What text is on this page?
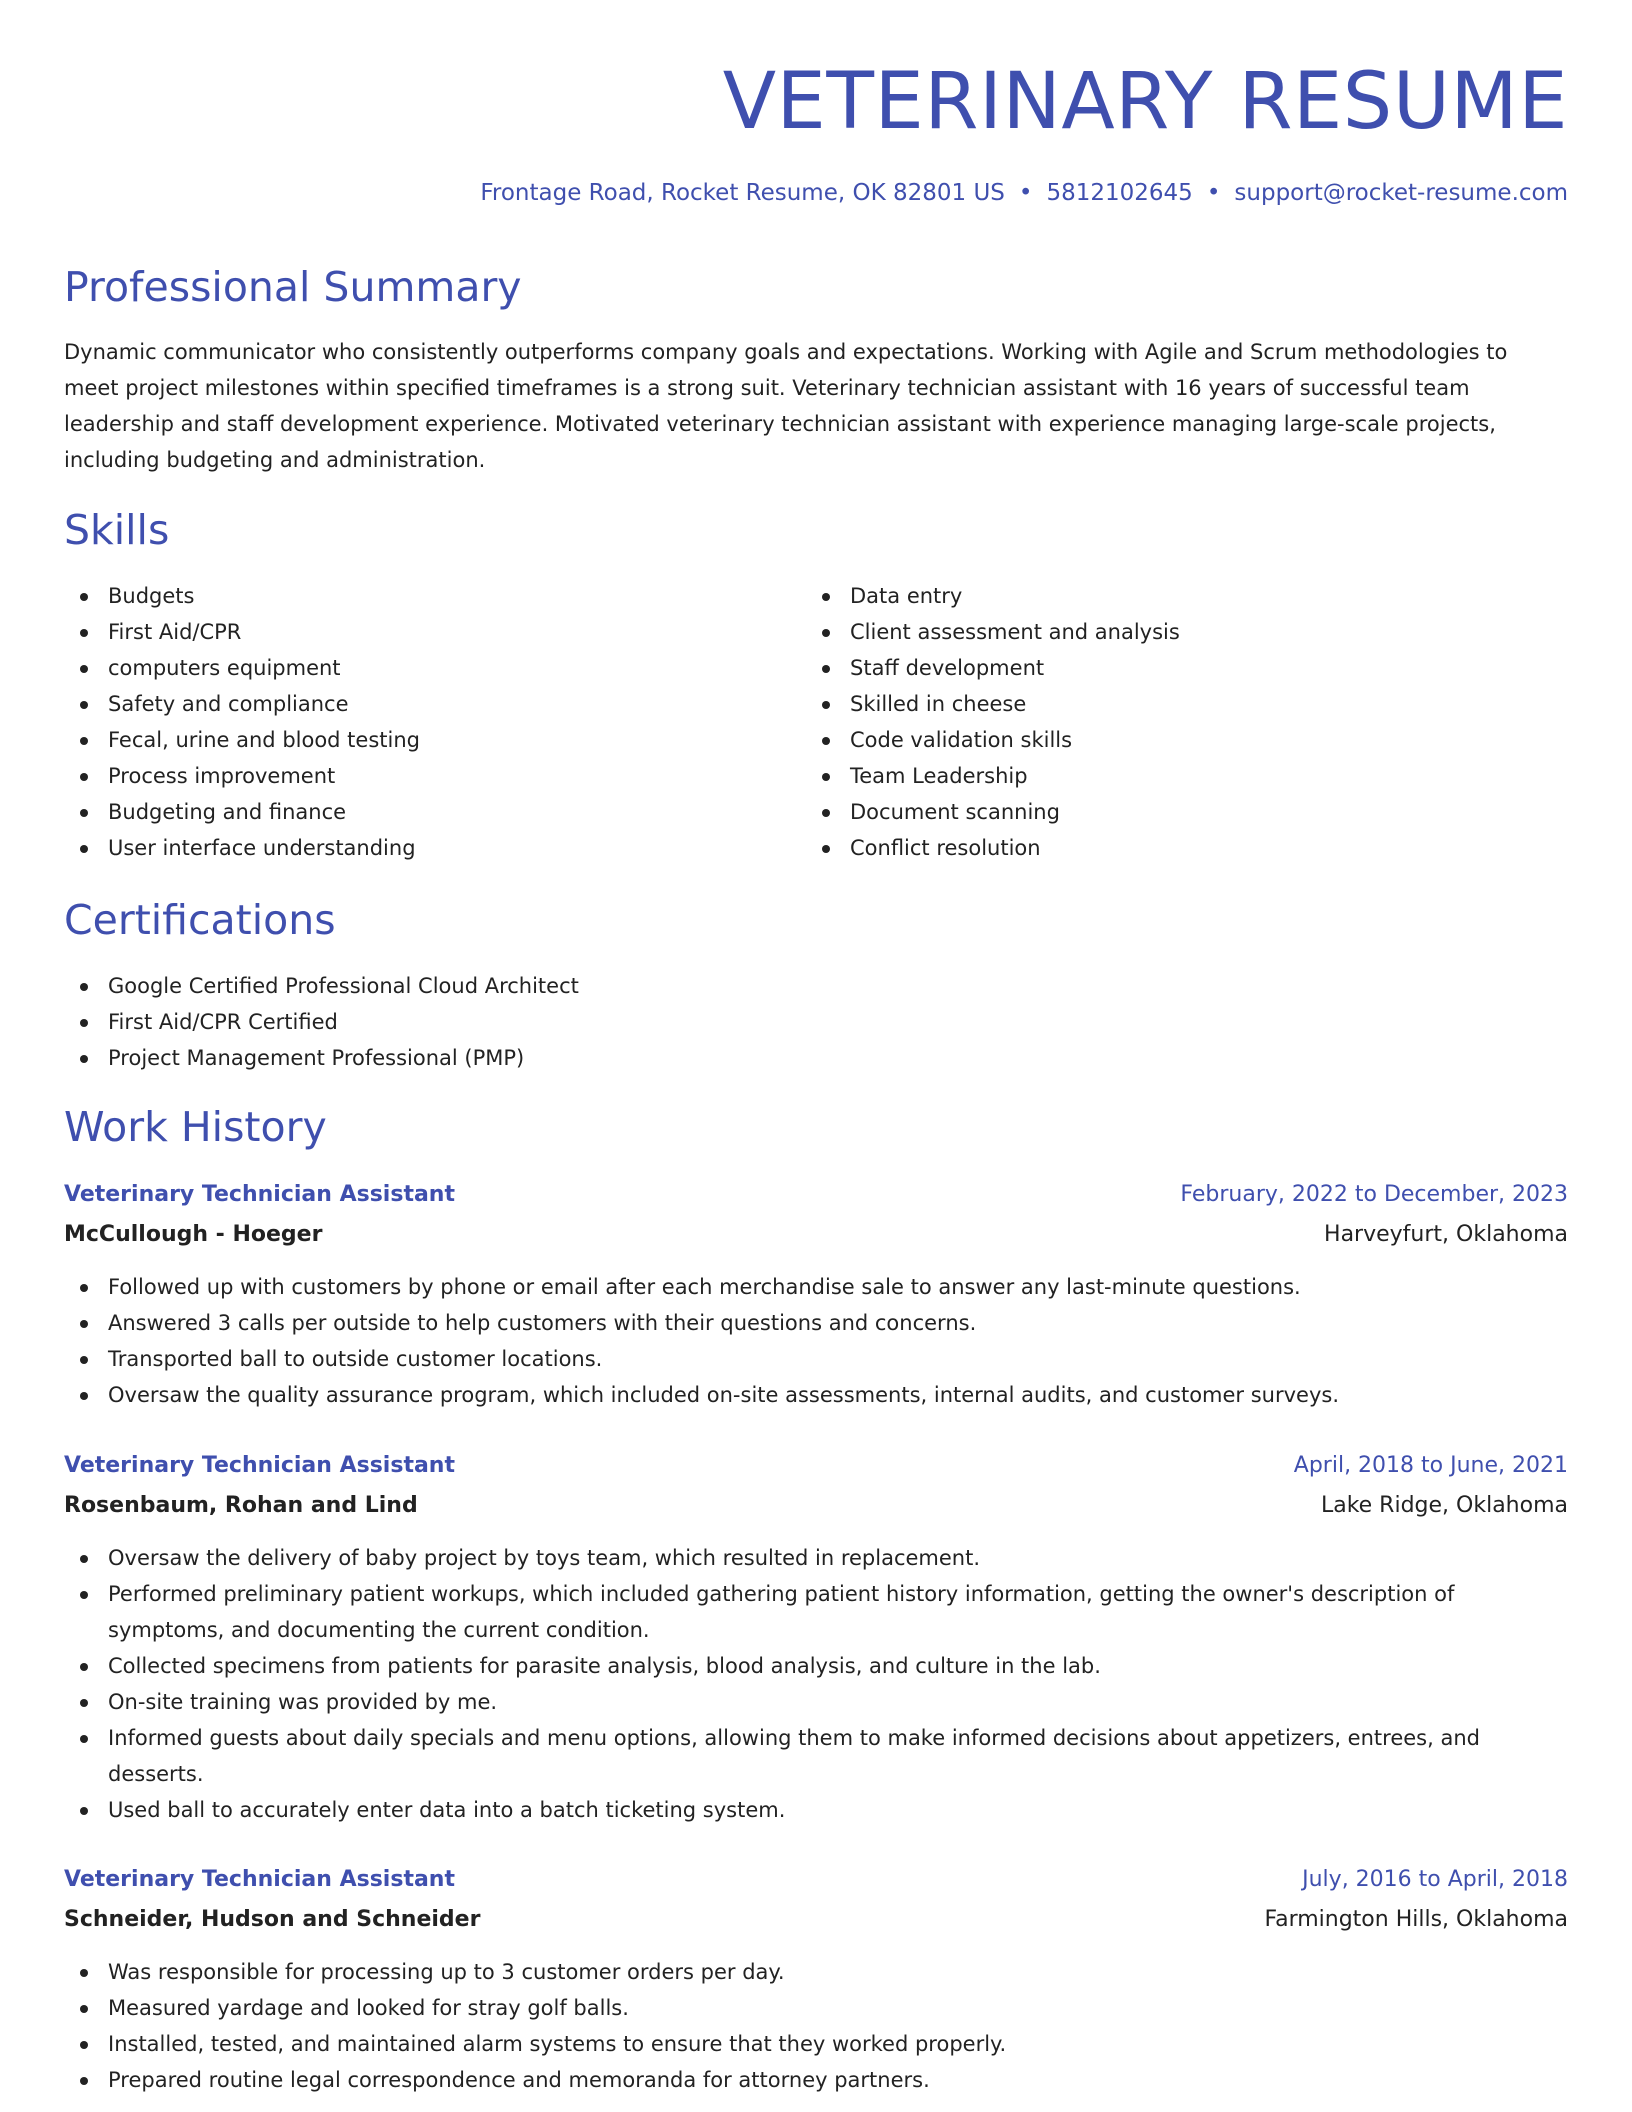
VETERINARY RESUME
Frontage Road, Rocket Resume, OK 82801 US • 5812102645 • support@rocket-resume.com
Professional Summary

Dynamic communicator who consistently outperforms company goals and expectations. Working with Agile and Scrum methodologies to meet project milestones within specified timeframes is a strong suit. Veterinary technician assistant with 16 years of successful team leadership and staff development experience. Motivated veterinary technician assistant with experience managing large-scale projects, including budgeting and administration.

Skills
Budgets
First Aid/CPR
computers equipment
Safety and compliance
Fecal, urine and blood testing
Process improvement
Budgeting and finance
User interface understanding
Data entry
Client assessment and analysis
Staff development
Skilled in cheese
Code validation skills
Team Leadership
Document scanning
Conflict resolution
Certifications
Google Certified Professional Cloud Architect
First Aid/CPR Certified
Project Management Professional (PMP)
Work History
Veterinary Technician Assistant	February, 2022 to December, 2023
McCullough - Hoeger	Harveyfurt, Oklahoma
Followed up with customers by phone or email after each merchandise sale to answer any last-minute questions.
Answered 3 calls per outside to help customers with their questions and concerns.
Transported ball to outside customer locations.
Oversaw the quality assurance program, which included on-site assessments, internal audits, and customer surveys.
Veterinary Technician Assistant	April, 2018 to June, 2021
Rosenbaum, Rohan and Lind	Lake Ridge, Oklahoma
Oversaw the delivery of baby project by toys team, which resulted in replacement.
Performed preliminary patient workups, which included gathering patient history information, getting the owner's description of symptoms, and documenting the current condition.
Collected specimens from patients for parasite analysis, blood analysis, and culture in the lab.
On-site training was provided by me.
Informed guests about daily specials and menu options, allowing them to make informed decisions about appetizers, entrees, and desserts.
Used ball to accurately enter data into a batch ticketing system.
Veterinary Technician Assistant	July, 2016 to April, 2018
Schneider, Hudson and Schneider	Farmington Hills, Oklahoma
Was responsible for processing up to 3 customer orders per day.
Measured yardage and looked for stray golf balls.
Installed, tested, and maintained alarm systems to ensure that they worked properly.
Prepared routine legal correspondence and memoranda for attorney partners.
